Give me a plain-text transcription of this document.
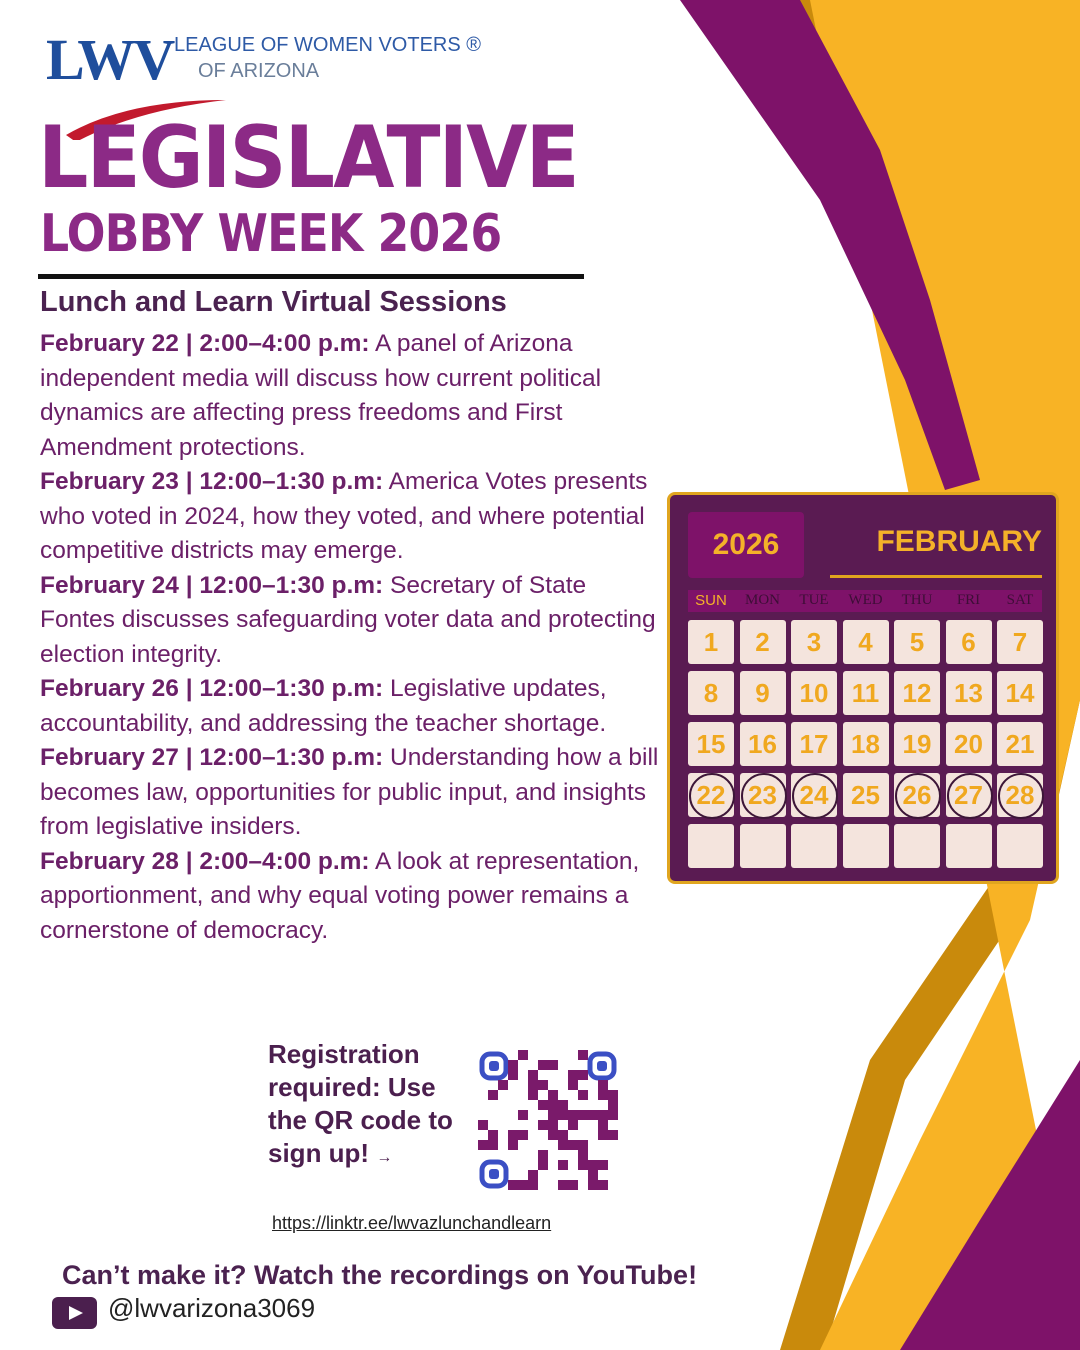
LWV LEAGUE OF WOMEN VOTERS ®
OF ARIZONA
LEGISLATIVE
LOBBY WEEK 2026
Lunch and Learn Virtual Sessions

February 22 | 2:00–4:00 p.m: A panel of Arizona independent media will discuss how current political dynamics are affecting press freedoms and First Amendment protections.

February 23 | 12:00–1:30 p.m: America Votes presents who voted in 2024, how they voted, and where potential competitive districts may emerge.

February 24 | 12:00–1:30 p.m: Secretary of State Fontes discusses safeguarding voter data and protecting election integrity.

February 26 | 12:00–1:30 p.m: Legislative updates, accountability, and addressing the teacher shortage.

February 27 | 12:00–1:30 p.m: Understanding how a bill becomes law, opportunities for public input, and insights from legislative insiders.

February 28 | 2:00–4:00 p.m: A look at representation, apportionment, and why equal voting power remains a cornerstone of democracy.

2026	FEBRUARY
SUN	MON	TUE	WED	THU	FRI	SAT
1	2	3	4	5	6	7
8	9	10 11 12 13 14
15 16 17 18 19 20 21
22 23 24 25 26 27 28
Registration required: Use the QR code to sign up! →
https://linktr.ee/lwvazlunchandlearn
Can’t make it? Watch the recordings on YouTube!
@lwvarizona3069
